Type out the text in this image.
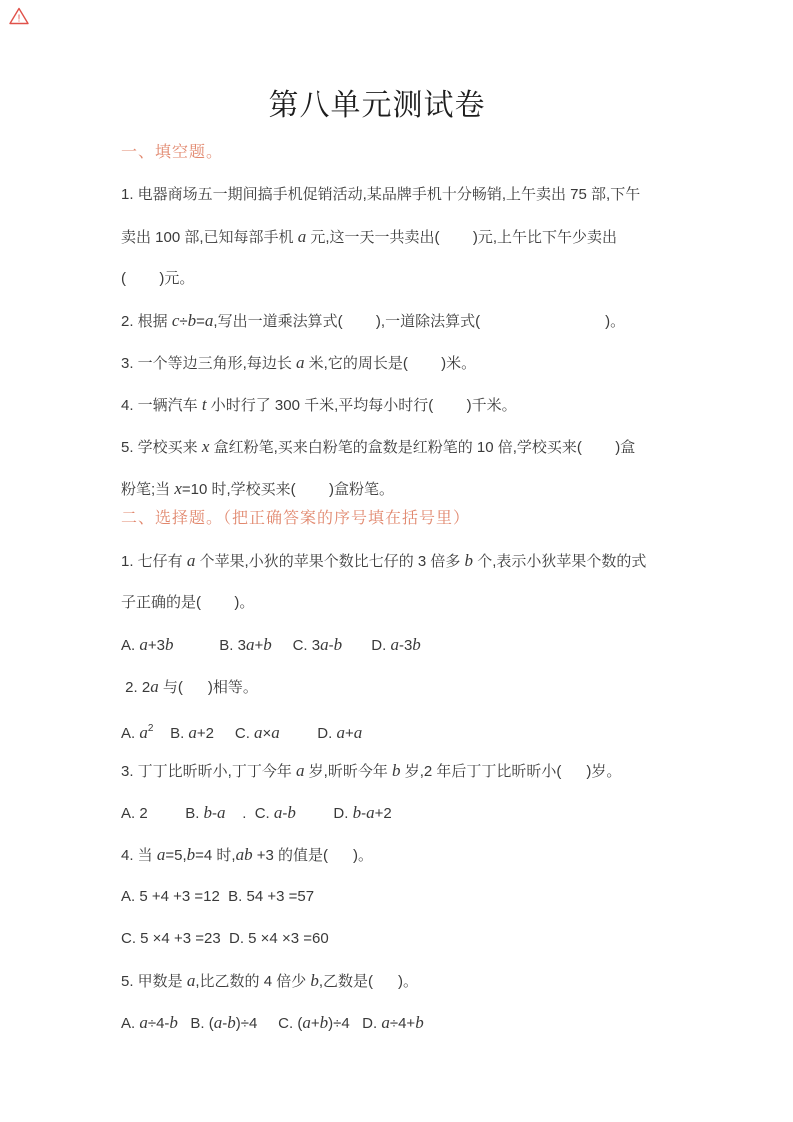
!
第八单元测试卷
一、填空题。
1. 电器商场五一期间搞手机促销活动,某品牌手机十分畅销,上午卖出 75 部,下午
卖出 100 部,已知每部手机 a 元,这一天一共卖出(        )元,上午比下午少卖出
(        )元。
2. 根据 c÷b=a,写出一道乘法算式(        ),一道除法算式(                              )。
3. 一个等边三角形,每边长 a 米,它的周长是(        )米。
4. 一辆汽车 t 小时行了 300 千米,平均每小时行(        )千米。
5. 学校买来 x 盒红粉笔,买来白粉笔的盒数是红粉笔的 10 倍,学校买来(        )盒
粉笔;当 x=10 时,学校买来(        )盒粉笔。
二、选择题。（把正确答案的序号填在括号里）
1. 七仔有 a 个苹果,小狄的苹果个数比七仔的 3 倍多 b 个,表示小狄苹果个数的式
子正确的是(        )。
A. a+3b           B. 3a+b     C. 3a-b       D. a-3b
2. 2a 与(      )相等。
A. $a^2$    B. a+2     C. a×a         D. a+a
3. 丁丁比昕昕小,丁丁今年 a 岁,昕昕今年 b 岁,2 年后丁丁比昕昕小(      )岁。
A. 2         B. b-a    .  C. a-b         D. b-a+2
4. 当 a=5,b=4 时,ab +3 的值是(      )。
A. 5 +4 +3 =12  B. 54 +3 =57
C. 5 ×4 +3 =23  D. 5 ×4 ×3 =60
5. 甲数是 a,比乙数的 4 倍少 b,乙数是(      )。
A. a÷4-b   B. (a-b)÷4     C. (a+b)÷4   D. a÷4+b
